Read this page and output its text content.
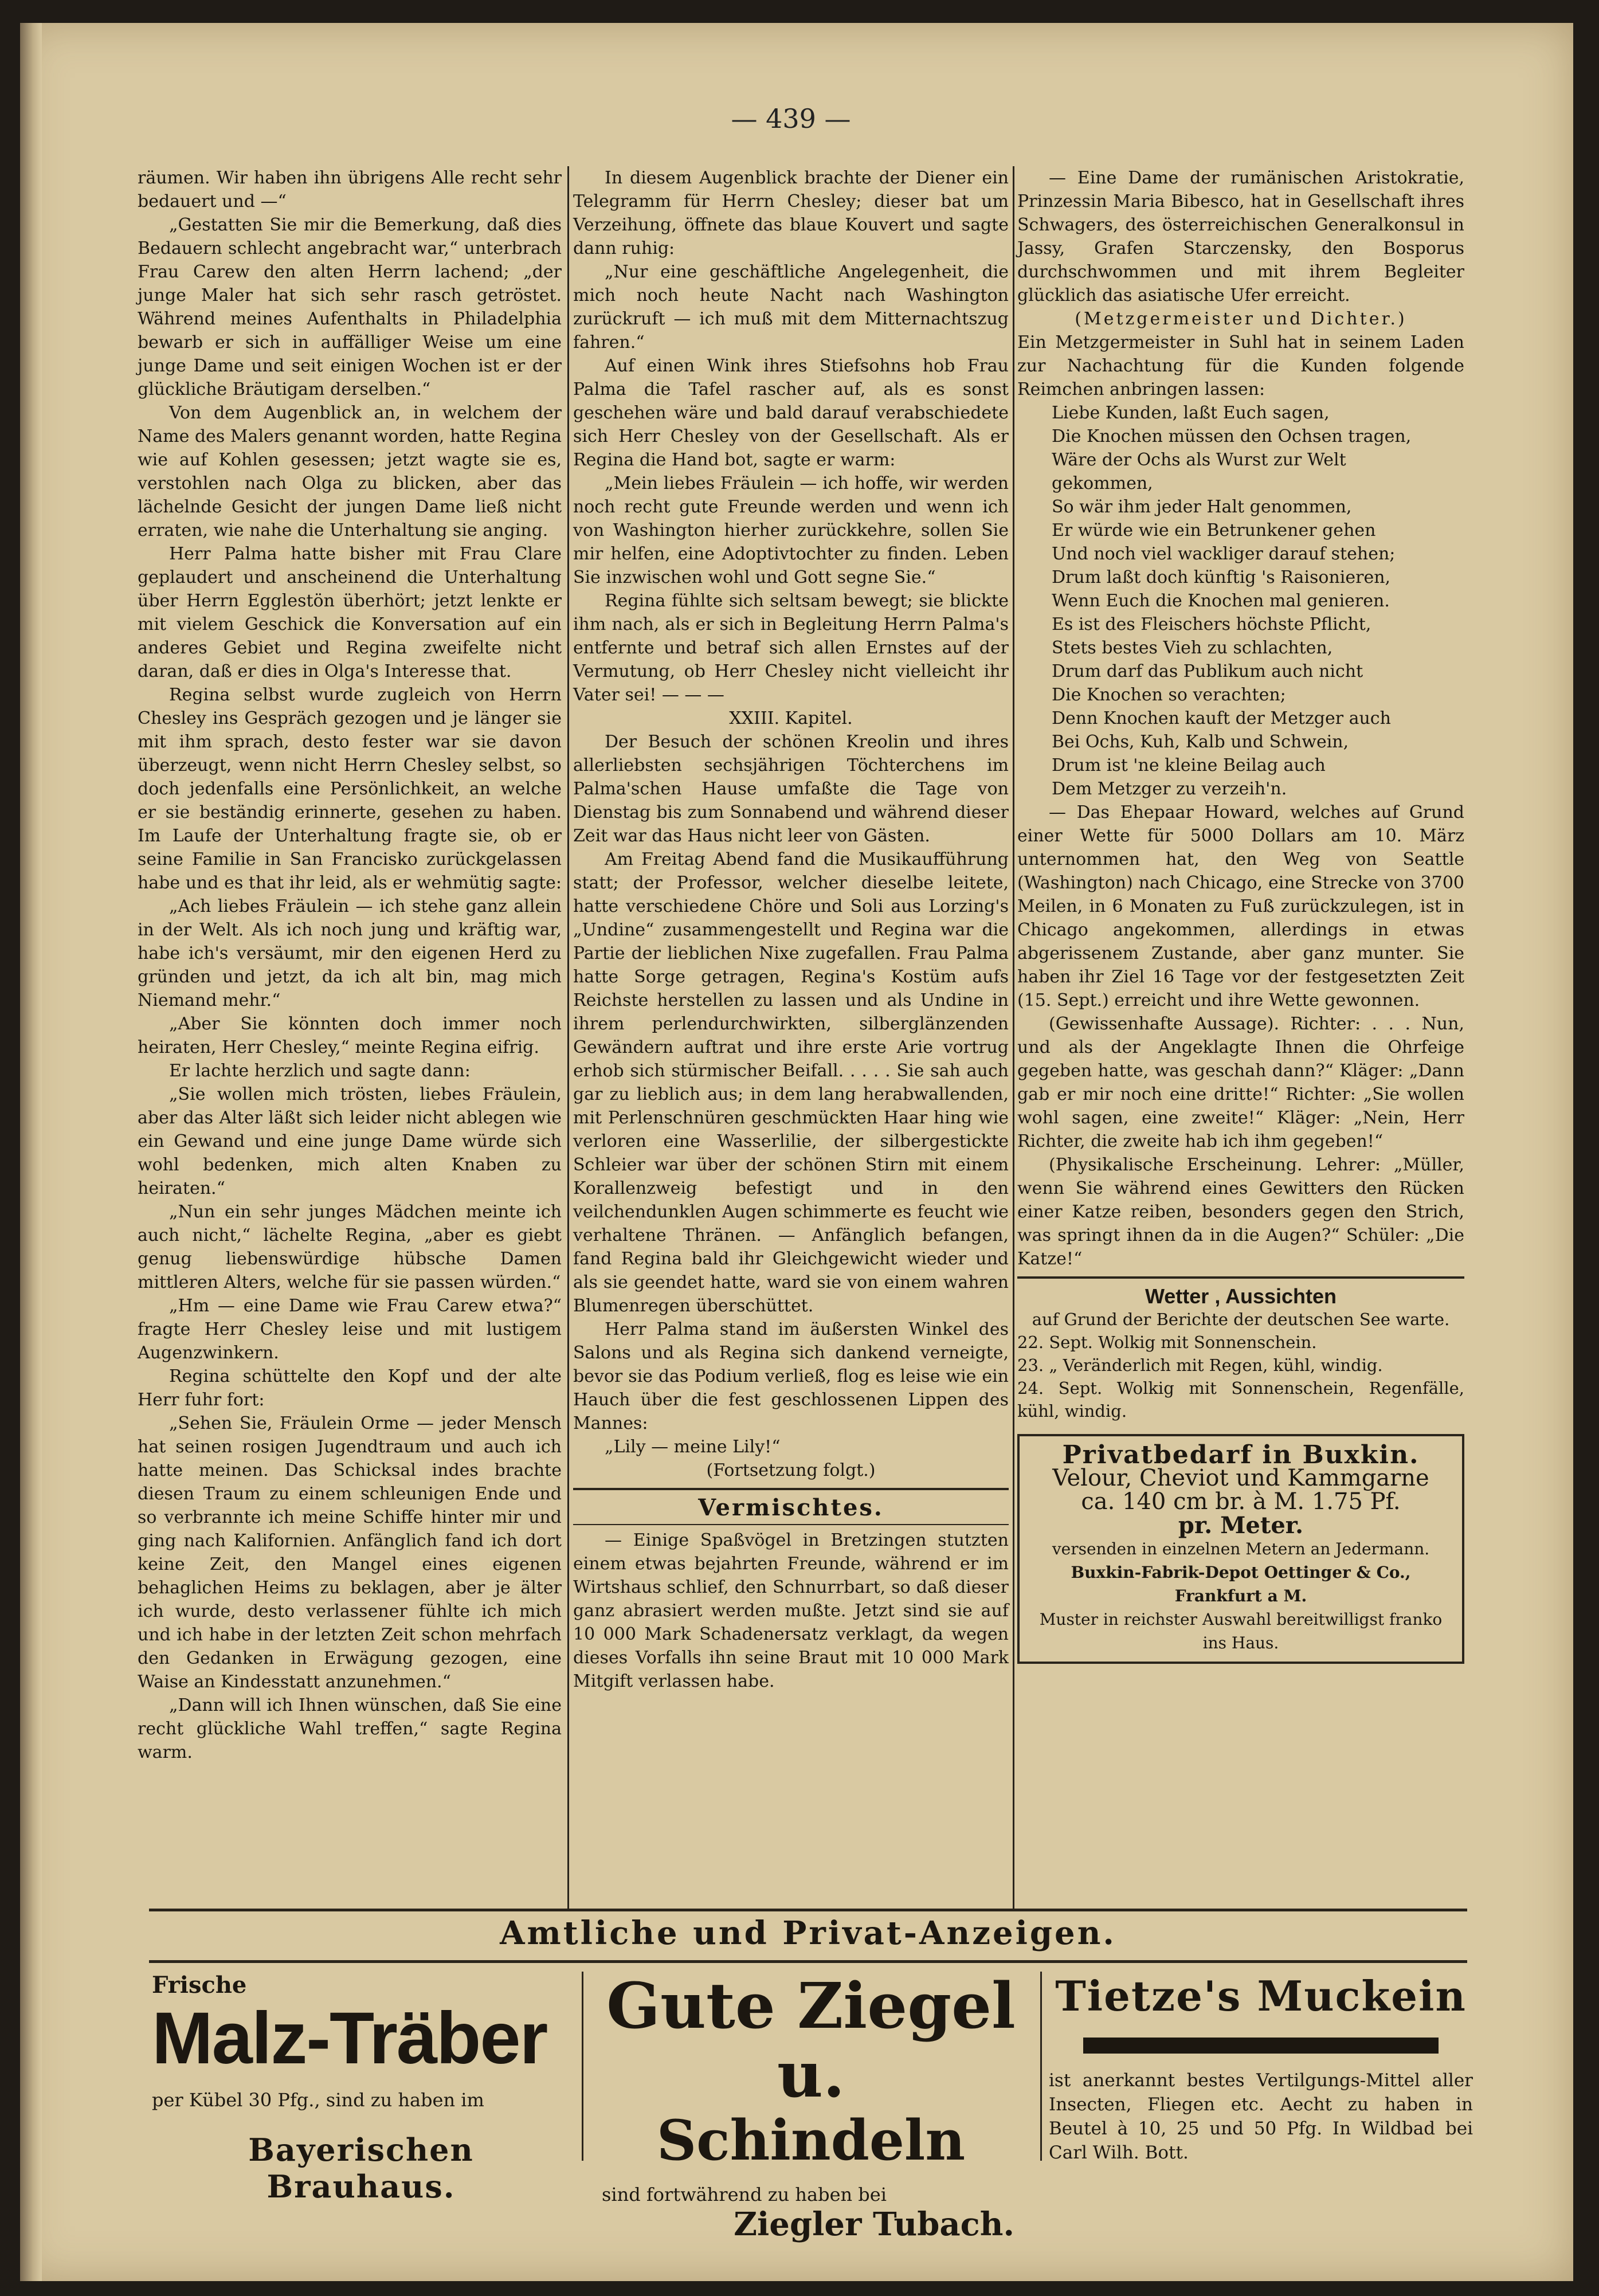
— 439 —

räumen. Wir haben ihn übrigens Alle recht sehr bedauert und —“

„Gestatten Sie mir die Bemerkung, daß dies Bedauern schlecht angebracht war,“ unterbrach Frau Carew den alten Herrn lachend; „der junge Maler hat sich sehr rasch getröstet. Während meines Aufenthalts in Philadelphia bewarb er sich in auffälliger Weise um eine junge Dame und seit einigen Wochen ist er der glückliche Bräutigam derselben.“

Von dem Augenblick an, in welchem der Name des Malers genannt worden, hatte Regina wie auf Kohlen gesessen; jetzt wagte sie es, verstohlen nach Olga zu blicken, aber das lächelnde Gesicht der jungen Dame ließ nicht erraten, wie nahe die Unterhaltung sie anging.

Herr Palma hatte bisher mit Frau Clare geplaudert und anscheinend die Unterhaltung über Herrn Egglestön überhört; jetzt lenkte er mit vielem Geschick die Konversation auf ein anderes Gebiet und Regina zweifelte nicht daran, daß er dies in Olga's Interesse that.

Regina selbst wurde zugleich von Herrn Chesley ins Gespräch gezogen und je länger sie mit ihm sprach, desto fester war sie davon überzeugt, wenn nicht Herrn Chesley selbst, so doch jedenfalls eine Persönlichkeit, an welche er sie beständig erinnerte, gesehen zu haben. Im Laufe der Unterhaltung fragte sie, ob er seine Familie in San Francisko zurückgelassen habe und es that ihr leid, als er wehmütig sagte:

„Ach liebes Fräulein — ich stehe ganz allein in der Welt. Als ich noch jung und kräftig war, habe ich's versäumt, mir den eigenen Herd zu gründen und jetzt, da ich alt bin, mag mich Niemand mehr.“

„Aber Sie könnten doch immer noch heiraten, Herr Chesley,“ meinte Regina eifrig.

Er lachte herzlich und sagte dann:

„Sie wollen mich trösten, liebes Fräulein, aber das Alter läßt sich leider nicht ablegen wie ein Gewand und eine junge Dame würde sich wohl bedenken, mich alten Knaben zu heiraten.“

„Nun ein sehr junges Mädchen meinte ich auch nicht,“ lächelte Regina, „aber es giebt genug liebenswürdige hübsche Damen mittleren Alters, welche für sie passen würden.“

„Hm — eine Dame wie Frau Carew etwa?“ fragte Herr Chesley leise und mit lustigem Augenzwinkern.

Regina schüttelte den Kopf und der alte Herr fuhr fort:

„Sehen Sie, Fräulein Orme — jeder Mensch hat seinen rosigen Jugendtraum und auch ich hatte meinen. Das Schicksal indes brachte diesen Traum zu einem schleunigen Ende und so verbrannte ich meine Schiffe hinter mir und ging nach Kalifornien. Anfänglich fand ich dort keine Zeit, den Mangel eines eigenen behaglichen Heims zu beklagen, aber je älter ich wurde, desto verlassener fühlte ich mich und ich habe in der letzten Zeit schon mehrfach den Gedanken in Erwägung gezogen, eine Waise an Kindesstatt anzunehmen.“

„Dann will ich Ihnen wünschen, daß Sie eine recht glückliche Wahl treffen,“ sagte Regina warm.

In diesem Augenblick brachte der Diener ein Telegramm für Herrn Chesley; dieser bat um Verzeihung, öffnete das blaue Kouvert und sagte dann ruhig:

„Nur eine geschäftliche Angelegenheit, die mich noch heute Nacht nach Washington zurückruft — ich muß mit dem Mitternachtszug fahren.“

Auf einen Wink ihres Stiefsohns hob Frau Palma die Tafel rascher auf, als es sonst geschehen wäre und bald darauf verabschiedete sich Herr Chesley von der Gesellschaft. Als er Regina die Hand bot, sagte er warm:

„Mein liebes Fräulein — ich hoffe, wir werden noch recht gute Freunde werden und wenn ich von Washington hierher zurückkehre, sollen Sie mir helfen, eine Adoptivtochter zu finden. Leben Sie inzwischen wohl und Gott segne Sie.“

Regina fühlte sich seltsam bewegt; sie blickte ihm nach, als er sich in Begleitung Herrn Palma's entfernte und betraf sich allen Ernstes auf der Vermutung, ob Herr Chesley nicht vielleicht ihr Vater sei! — — —

XXIII. Kapitel.

Der Besuch der schönen Kreolin und ihres allerliebsten sechsjährigen Töchterchens im Palma'schen Hause umfaßte die Tage von Dienstag bis zum Sonnabend und während dieser Zeit war das Haus nicht leer von Gästen.

Am Freitag Abend fand die Musikaufführung statt; der Professor, welcher dieselbe leitete, hatte verschiedene Chöre und Soli aus Lorzing's „Undine“ zusammengestellt und Regina war die Partie der lieblichen Nixe zugefallen. Frau Palma hatte Sorge getragen, Regina's Kostüm aufs Reichste herstellen zu lassen und als Undine in ihrem perlendurchwirkten, silberglänzenden Gewändern auftrat und ihre erste Arie vortrug erhob sich stürmischer Beifall. . . . . Sie sah auch gar zu lieblich aus; in dem lang herabwallenden, mit Perlenschnüren geschmückten Haar hing wie verloren eine Wasserlilie, der silbergestickte Schleier war über der schönen Stirn mit einem Korallenzweig befestigt und in den veilchendunklen Augen schimmerte es feucht wie verhaltene Thränen. — Anfänglich befangen, fand Regina bald ihr Gleichgewicht wieder und als sie geendet hatte, ward sie von einem wahren Blumenregen überschüttet.

Herr Palma stand im äußersten Winkel des Salons und als Regina sich dankend verneigte, bevor sie das Podium verließ, flog es leise wie ein Hauch über die fest geschlossenen Lippen des Mannes:

„Lily — meine Lily!“

(Fortsetzung folgt.)

Vermischtes.

— Einige Spaßvögel in Bretzingen stutzten einem etwas bejahrten Freunde, während er im Wirtshaus schlief, den Schnurrbart, so daß dieser ganz abrasiert werden mußte. Jetzt sind sie auf 10 000 Mark Schadenersatz verklagt, da wegen dieses Vorfalls ihn seine Braut mit 10 000 Mark Mitgift verlassen habe.

— Eine Dame der rumänischen Aristokratie, Prinzessin Maria Bibesco, hat in Gesellschaft ihres Schwagers, des österreichischen Generalkonsul in Jassy, Grafen Starczensky, den Bosporus durchschwommen und mit ihrem Begleiter glücklich das asiatische Ufer erreicht.

(Metzgermeister und Dichter.)

Ein Metzgermeister in Suhl hat in seinem Laden zur Nachachtung für die Kunden folgende Reimchen anbringen lassen:

Liebe Kunden, laßt Euch sagen,

Die Knochen müssen den Ochsen tragen,

Wäre der Ochs als Wurst zur Welt

gekommen,

So wär ihm jeder Halt genommen,

Er würde wie ein Betrunkener gehen

Und noch viel wackliger darauf stehen;

Drum laßt doch künftig 's Raisonieren,

Wenn Euch die Knochen mal genieren.

Es ist des Fleischers höchste Pflicht,

Stets bestes Vieh zu schlachten,

Drum darf das Publikum auch nicht

Die Knochen so verachten;

Denn Knochen kauft der Metzger auch

Bei Ochs, Kuh, Kalb und Schwein,

Drum ist 'ne kleine Beilag auch

Dem Metzger zu verzeih'n.

— Das Ehepaar Howard, welches auf Grund einer Wette für 5000 Dollars am 10. März unternommen hat, den Weg von Seattle (Washington) nach Chicago, eine Strecke von 3700 Meilen, in 6 Monaten zu Fuß zurückzulegen, ist in Chicago angekommen, allerdings in etwas abgerissenem Zustande, aber ganz munter. Sie haben ihr Ziel 16 Tage vor der festgesetzten Zeit (15. Sept.) erreicht und ihre Wette gewonnen.

(Gewissenhafte Aussage). Richter: . . . Nun, und als der Angeklagte Ihnen die Ohrfeige gegeben hatte, was geschah dann?“ Kläger: „Dann gab er mir noch eine dritte!“ Richter: „Sie wollen wohl sagen, eine zweite!“ Kläger: „Nein, Herr Richter, die zweite hab ich ihm gegeben!“

(Physikalische Erscheinung. Lehrer: „Müller, wenn Sie während eines Gewitters den Rücken einer Katze reiben, besonders gegen den Strich, was springt ihnen da in die Augen?“ Schüler: „Die Katze!“

Wetter , Aussichten

auf Grund der Berichte der deutschen See warte.

22. Sept. Wolkig mit Sonnenschein.

23. „ Veränderlich mit Regen, kühl, windig.

24. Sept. Wolkig mit Sonnenschein, Regenfälle, kühl, windig.

Privatbedarf in Buxkin.
Velour, Cheviot und Kammgarne
ca. 140 cm br. à M. 1.75 Pf.
pr. Meter.
versenden in einzelnen Metern an Jedermann.
Buxkin-Fabrik-Depot Oettinger & Co., Frankfurt a M.
Muster in reichster Auswahl bereitwilligst franko ins Haus.
Amtliche und Privat-Anzeigen.
Frische
Malz-Träber
per Kübel 30 Pfg., sind zu haben im
Bayerischen Brauhaus.
Gute Ziegel u.
Schindeln
sind fortwährend zu haben bei
Ziegler Tubach.
Tietze's Muckein
ist anerkannt bestes Vertilgungs-Mittel aller Insecten, Fliegen etc. Aecht zu haben in Beutel à 10, 25 und 50 Pfg. In Wildbad bei Carl Wilh. Bott.
